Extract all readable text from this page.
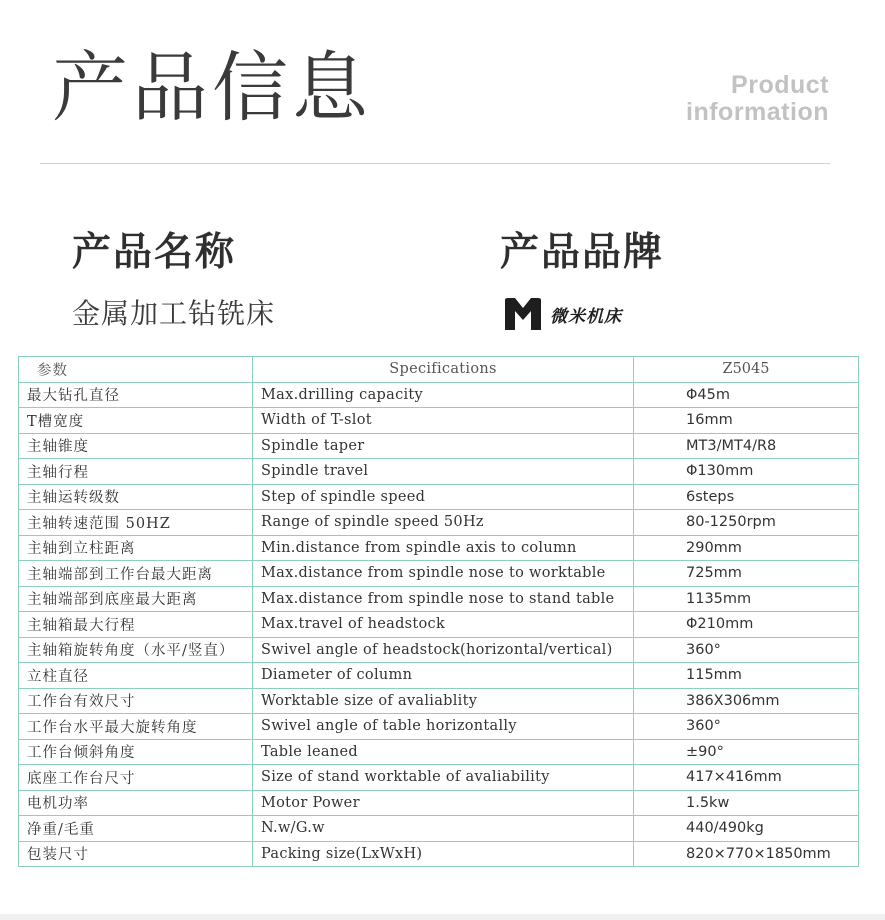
产品信息	Product
information
产品名称	产品品牌
金属加工钻铣床	微米机床
参数	Specifications	Z5045
最大钻孔直径	Max.drilling capacity	Φ45m
T槽宽度	Width of T-slot	16mm
主轴锥度	Spindle taper	MT3/MT4/R8
主轴行程	Spindle travel	Φ130mm
主轴运转级数	Step of spindle speed	6steps
主轴转速范围 50HZ	Range of spindle speed 50Hz	80-1250rpm
主轴到立柱距离	Min.distance from spindle axis to column	290mm
主轴端部到工作台最大距离	Max.distance from spindle nose to worktable	725mm
主轴端部到底座最大距离	Max.distance from spindle nose to stand table	1135mm
主轴箱最大行程	Max.travel of headstock	Φ210mm
主轴箱旋转角度（水平/竖直）	Swivel angle of headstock(horizontal/vertical)	360°
立柱直径	Diameter of column	115mm
工作台有效尺寸	Worktable size of avaliablity	386X306mm
工作台水平最大旋转角度	Swivel angle of table horizontally	360°
工作台倾斜角度	Table leaned	±90°
底座工作台尺寸	Size of stand worktable of avaliability	417×416mm
电机功率	Motor Power	1.5kw
净重/毛重	N.w/G.w	440/490kg
包装尺寸	Packing size(LxWxH)	820×770×1850mm
